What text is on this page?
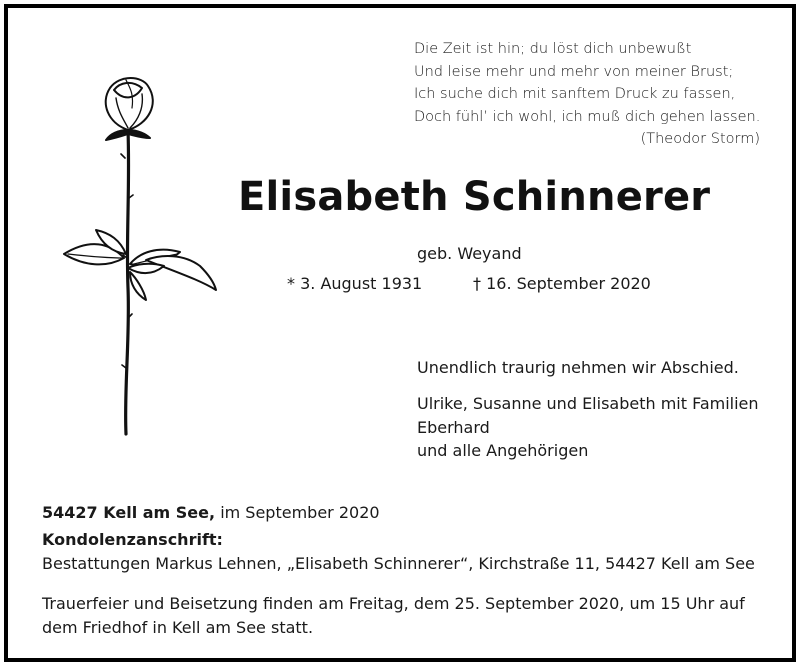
Die Zeit ist hin; du löst dich unbewußt
Und leise mehr und mehr von meiner Brust;
Ich suche dich mit sanftem Druck zu fassen,
Doch fühl’ ich wohl, ich muß dich gehen lassen.
(Theodor Storm)
Elisabeth Schinnerer
geb. Weyand
* 3. August 1931	† 16. September 2020
Unendlich traurig nehmen wir Abschied.
Ulrike, Susanne und Elisabeth mit Familien
Eberhard
und alle Angehörigen
54427 Kell am See, im September 2020
Kondolenzanschrift:
Bestattungen Markus Lehnen, „Elisabeth Schinnerer“, Kirchstraße 11, 54427 Kell am See
Trauerfeier und Beisetzung finden am Freitag, dem 25. September 2020, um 15 Uhr auf
dem Friedhof in Kell am See statt.
